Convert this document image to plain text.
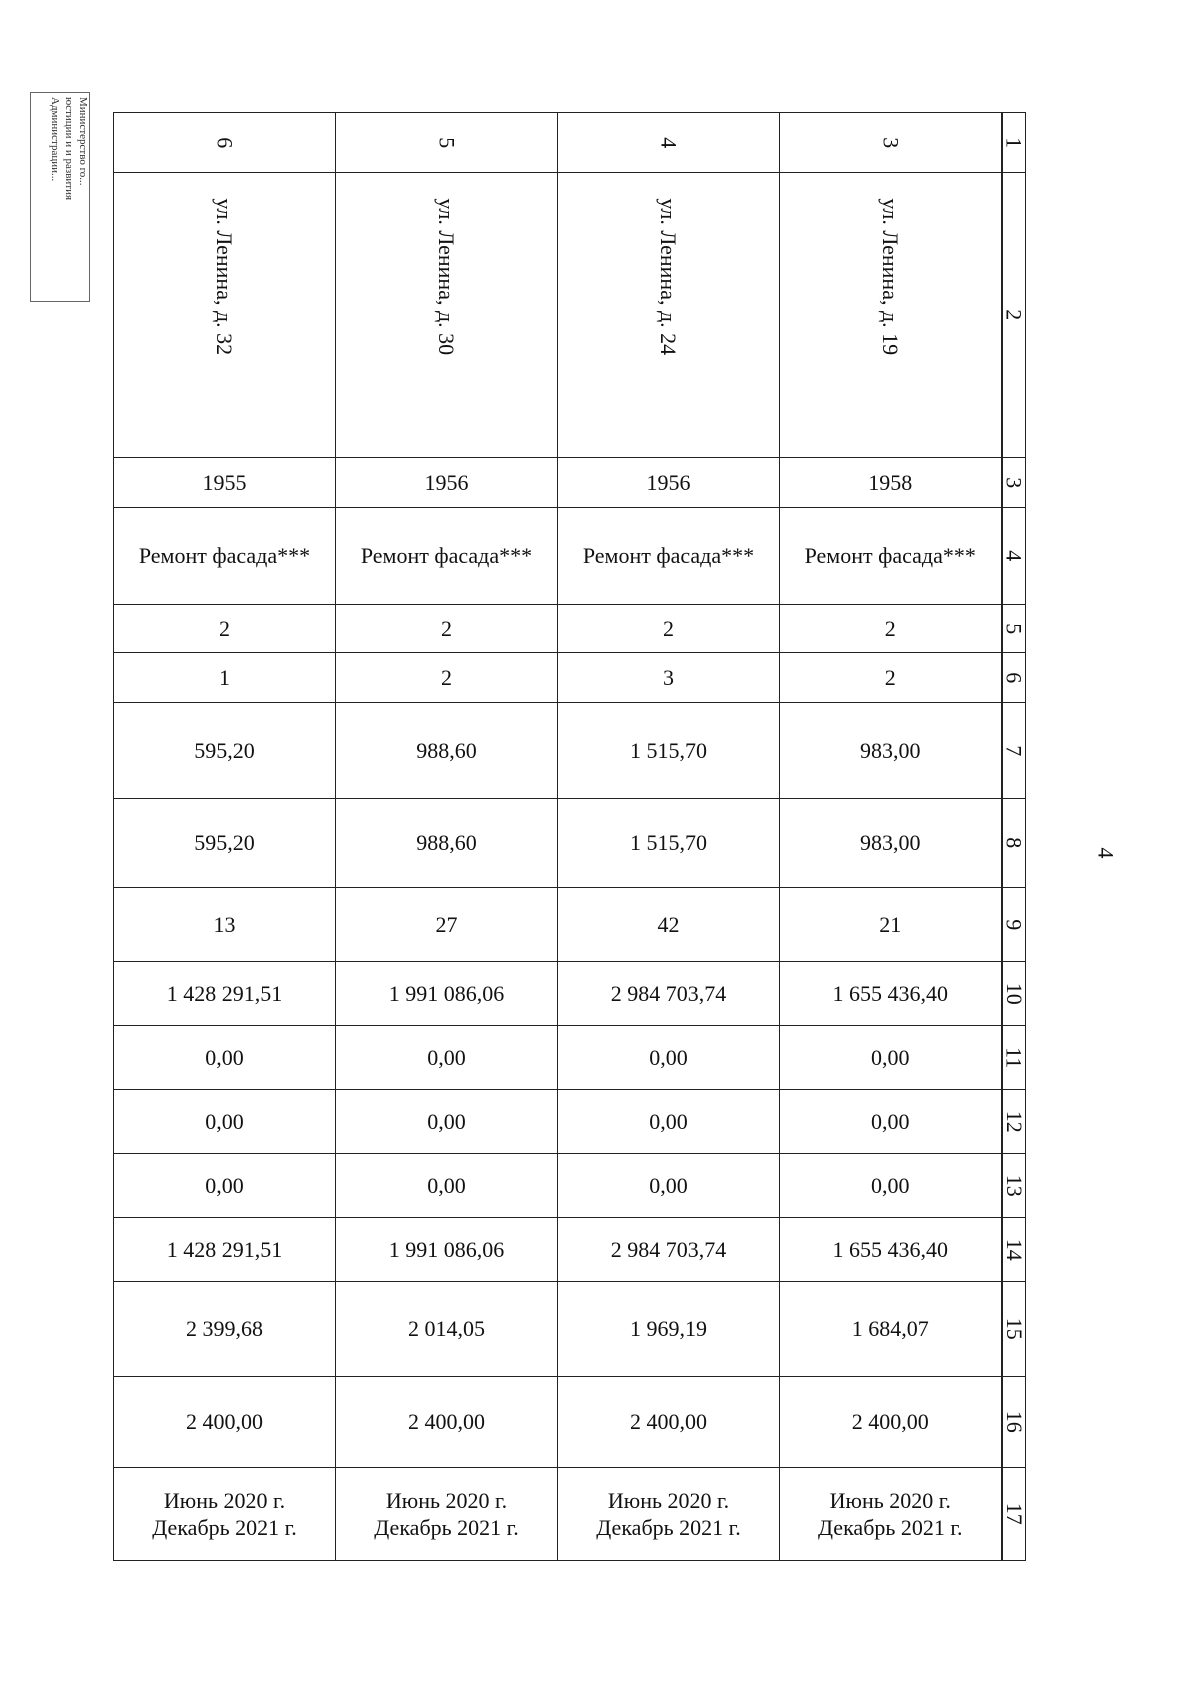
Министерство го...
юстиции и и развития
Администрации...
4
6	5	4	3	1
ул. Ленина, д. 32	ул. Ленина, д. 30	ул. Ленина, д. 24	ул. Ленина, д. 19	2
1955	1956	1956	1958	3
Ремонт фасада***	Ремонт фасада***	Ремонт фасада***	Ремонт фасада***	4
2	2	2	2	5
1	2	3	2	6
595,20	988,60	1 515,70	983,00	7
595,20	988,60	1 515,70	983,00	8
13	27	42	21	9
1 428 291,51	1 991 086,06	2 984 703,74	1 655 436,40	10
0,00	0,00	0,00	0,00	11
0,00	0,00	0,00	0,00	12
0,00	0,00	0,00	0,00	13
1 428 291,51	1 991 086,06	2 984 703,74	1 655 436,40	14
2 399,68	2 014,05	1 969,19	1 684,07	15
2 400,00	2 400,00	2 400,00	2 400,00	16

Июнь 2020 г.
Декабрь 2021 г.	Июнь 2020 г.
Декабрь 2021 г.	Июнь 2020 г.
Декабрь 2021 г.	Июнь 2020 г.
Декабрь 2021 г.	17
